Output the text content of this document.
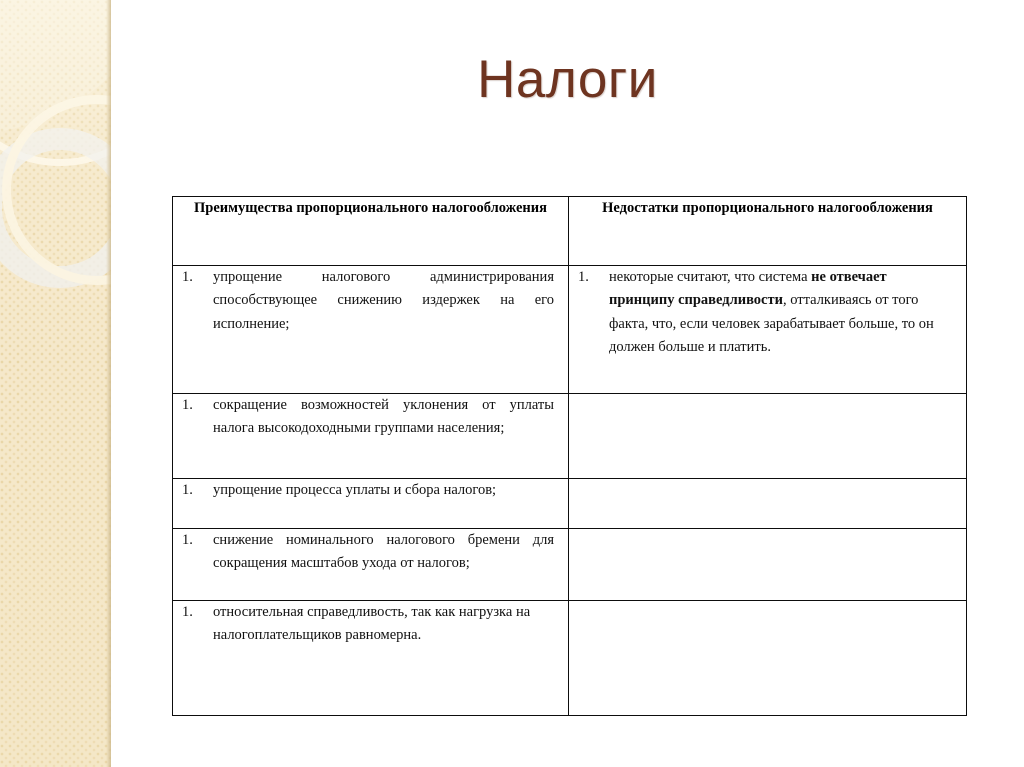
Налоги
Преимущества пропорционального налогообложения	Недостатки пропорционального налогообложения

1. упрощение налогового администрирования способствующее снижению издержек на его исполнение;	1. некоторые считают, что система не отвечает принципу справедливости, отталкиваясь от того факта, что, если человек зарабатывает больше, то он должен больше и платить.

1. сокращение возможностей уклонения от уплаты налога высокодоходными группами населения;	

1. упрощение процесса уплаты и сбора налогов;	

1. снижение номинального налогового бремени для сокращения масштабов ухода от налогов;	

1. относительная справедливость, так как нагрузка на налогоплательщиков равномерна.	
